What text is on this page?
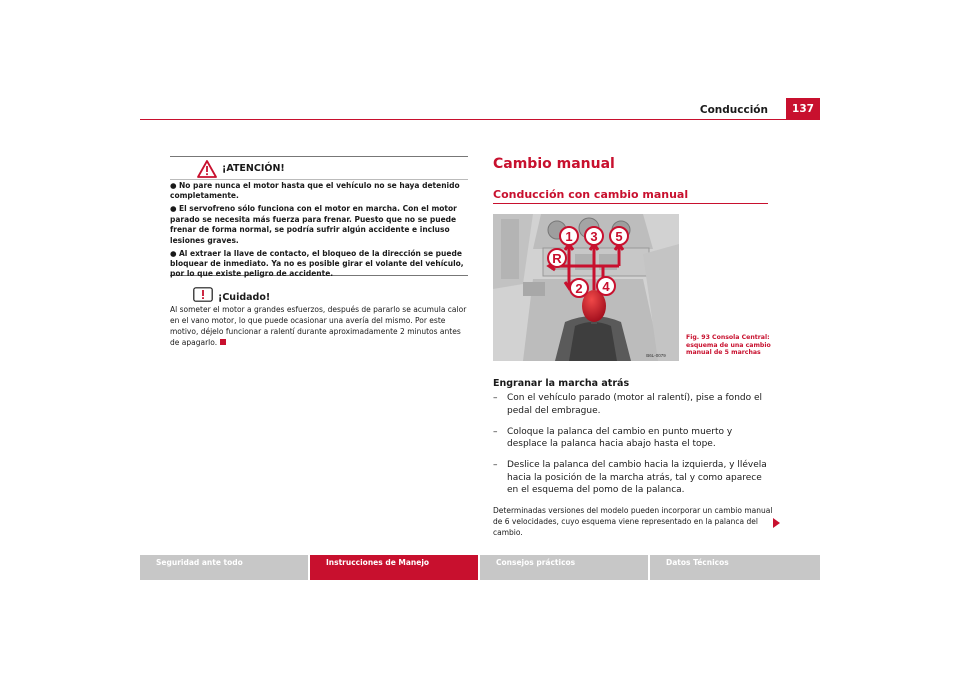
Conducción	137
¡ATENCIÓN!
● No pare nunca el motor hasta que el vehículo no se haya detenido completamente.
● El servofreno sólo funciona con el motor en marcha. Con el motor parado se necesita más fuerza para frenar. Puesto que no se puede frenar de forma normal, se podría sufrir algún accidente e incluso lesiones graves.
● Al extraer la llave de contacto, el bloqueo de la dirección se puede bloquear de inmediato. Ya no es posible girar el volante del vehículo, por lo que existe peligro de accidente.
¡Cuidado!
Al someter el motor a grandes esfuerzos, después de pararlo se acumula calor en el vano motor, lo que puede ocasionar una avería del mismo. Por este motivo, déjelo funcionar a ralentí durante aproximadamente 2 minutos antes de apagarlo.
Cambio manual
Conducción con cambio manual
1 3 5
R
2 4
B6L-0079
Fig. 93 Consola Central: esquema de una cambio manual de 5 marchas
Engranar la marcha atrás
– Con el vehículo parado (motor al ralentí), pise a fondo el pedal del embrague.
– Coloque la palanca del cambio en punto muerto y desplace la palanca hacia abajo hasta el tope.
– Deslice la palanca del cambio hacia la izquierda, y llévela hacia la posición de la marcha atrás, tal y como aparece en el esquema del pomo de la palanca.
Determinadas versiones del modelo pueden incorporar un cambio manual de 6 velocidades, cuyo esquema viene representado en la palanca del cambio.
Seguridad ante todo	Instrucciones de Manejo	Consejos prácticos	Datos Técnicos
